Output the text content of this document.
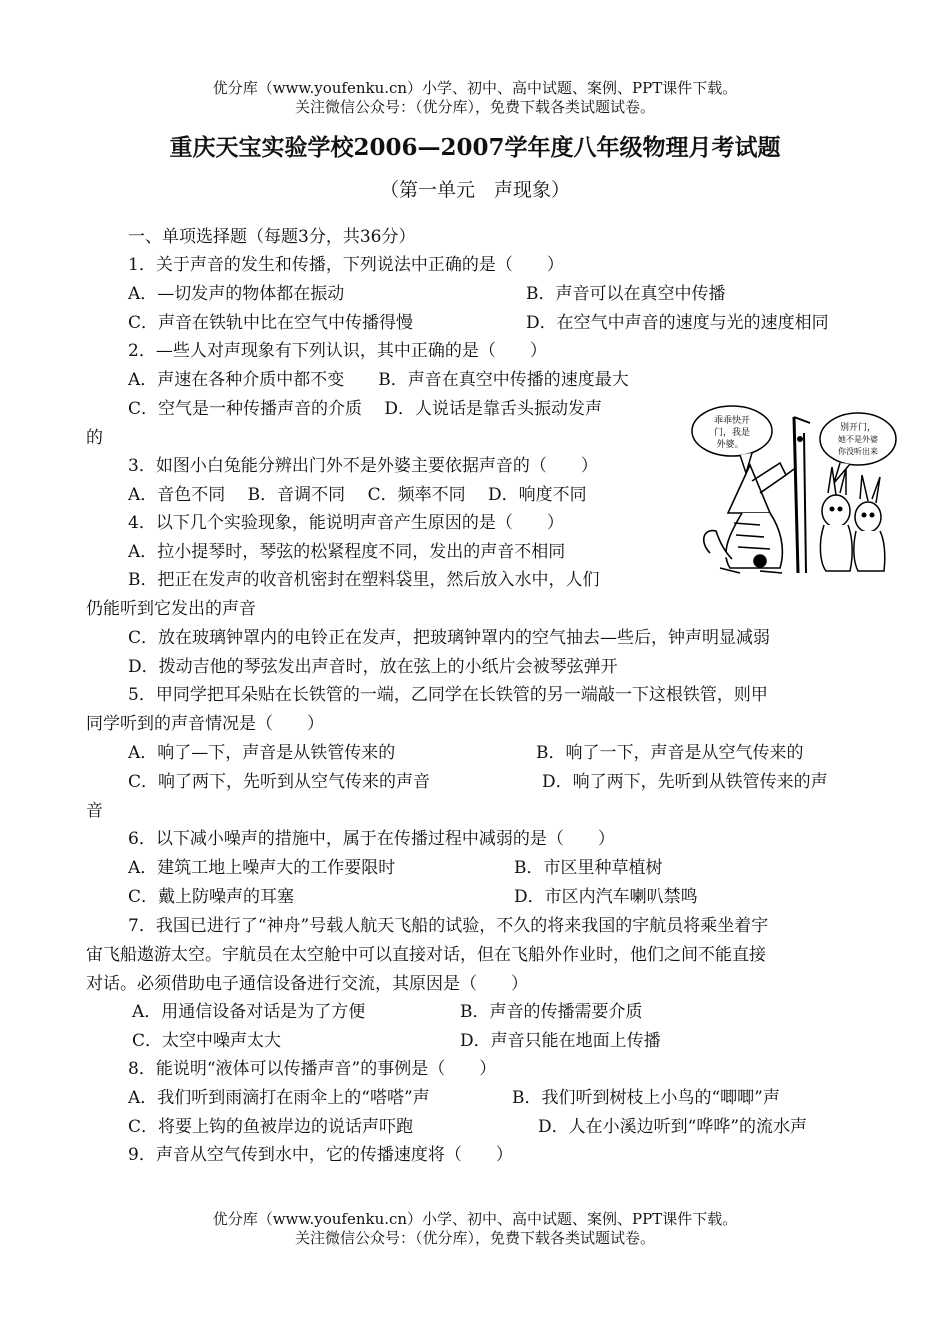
优分库（www.youfenku.cn）小学、初中、高中试题、案例、PPT课件下载。
关注微信公众号：（优分库），免费下载各类试题试卷。
重庆天宝实验学校2006—2007学年度八年级物理月考试题
（第一单元　声现象）
一、单项选择题（每题3分，共36分）
1．关于声音的发生和传播，下列说法中正确的是（　　）
A．—切发声的物体都在振动	B．声音可以在真空中传播
C．声音在铁轨中比在空气中传播得慢	D．在空气中声音的速度与光的速度相同
2．—些人对声现象有下列认识，其中正确的是（　　）
A．声速在各种介质中都不变　　B．声音在真空中传播的速度最大
C．空气是一种传播声音的介质　 D．人说话是靠舌头振动发声
的
3．如图小白兔能分辨出门外不是外婆主要依据声音的（　　）
A．音色不同　 B．音调不同　 C．频率不同　 D．响度不同
4．以下几个实验现象，能说明声音产生原因的是（　　）
A．拉小提琴时，琴弦的松紧程度不同，发出的声音不相同
B．把正在发声的收音机密封在塑料袋里，然后放入水中，人们
仍能听到它发出的声音
C．放在玻璃钟罩内的电铃正在发声，把玻璃钟罩内的空气抽去—些后，钟声明显减弱
D．拨动吉他的琴弦发出声音时，放在弦上的小纸片会被琴弦弹开
5．甲同学把耳朵贴在长铁管的一端，乙同学在长铁管的另一端敲一下这根铁管，则甲
同学听到的声音情况是（　　）
A．响了—下，声音是从铁管传来的	B．响了一下，声音是从空气传来的
C．响了两下，先听到从空气传来的声音	D．响了两下，先听到从铁管传来的声
音
6．以下减小噪声的措施中，属于在传播过程中减弱的是（　　）
A．建筑工地上噪声大的工作要限时	B．市区里种草植树
C．戴上防噪声的耳塞	D．市区内汽车喇叭禁鸣
7．我国已进行了“神舟”号载人航天飞船的试验，不久的将来我国的宇航员将乘坐着宇
宙飞船遨游太空。宇航员在太空舱中可以直接对话，但在飞船外作业时，他们之间不能直接
对话。必须借助电子通信设备进行交流，其原因是（　　）
A．用通信设备对话是为了方便	B．声音的传播需要介质
C．太空中噪声太大	D．声音只能在地面上传播
8．能说明“液体可以传播声音”的事例是（　　）
A．我们听到雨滴打在雨伞上的“嗒嗒”声	B．我们听到树枝上小鸟的“唧唧”声
C．将要上钩的鱼被岸边的说话声吓跑	D．人在小溪边听到“哗哗”的流水声
9．声音从空气传到水中，它的传播速度将（　　）
乖乖快开
门，我是
外婆。
别开门，
她不是外婆
你没听出来
优分库（www.youfenku.cn）小学、初中、高中试题、案例、PPT课件下载。
关注微信公众号：（优分库），免费下载各类试题试卷。
